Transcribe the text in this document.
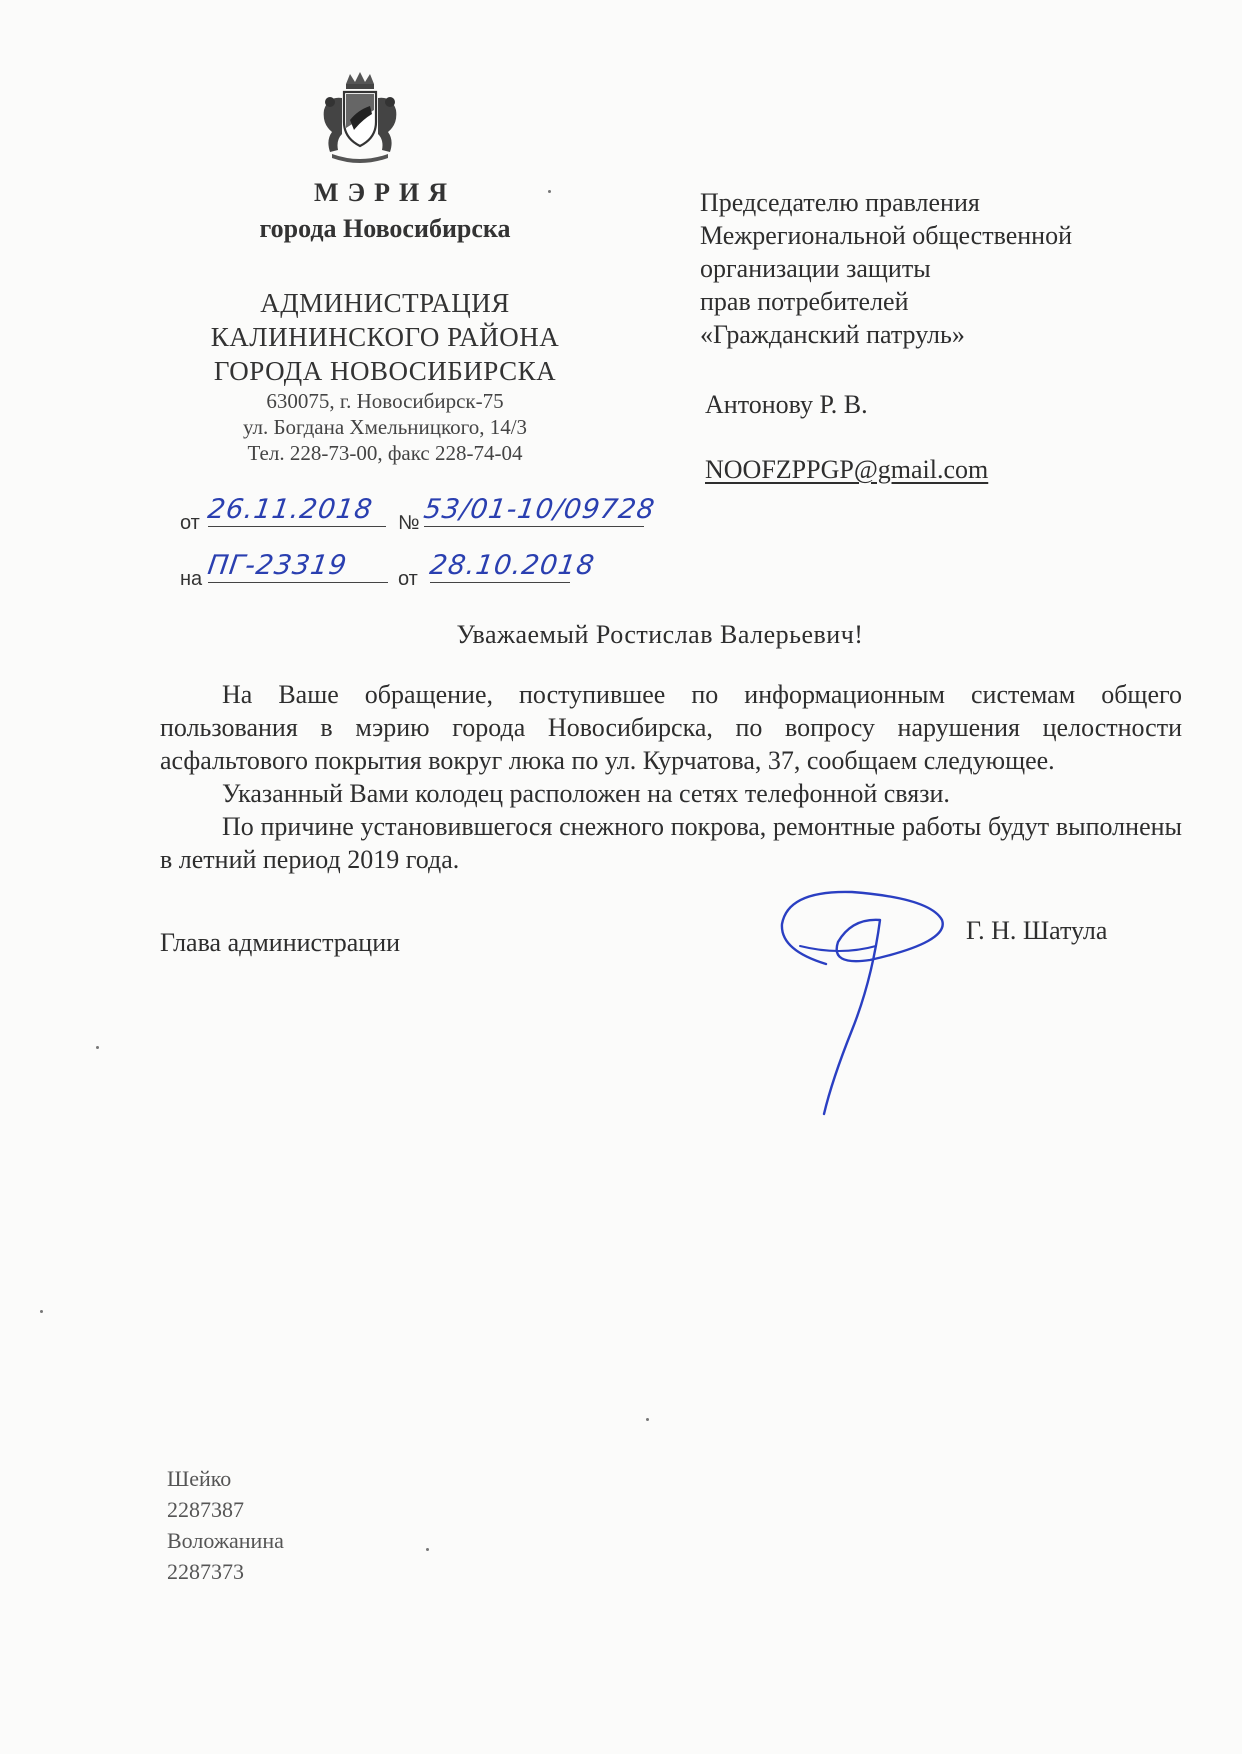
МЭРИЯ
города Новосибирска
АДМИНИСТРАЦИЯ
КАЛИНИНСКОГО РАЙОНА
ГОРОДА НОВОСИБИРСКА
630075, г. Новосибирск-75
ул. Богдана Хмельницкого, 14/3
Тел. 228-73-00, факс 228-74-04
от 26.11.2018	№ 53/01-10/09728
на ПГ-23319	от 28.10.2018
Председателю правления
Межрегиональной общественной
организации защиты
прав потребителей
«Гражданский патруль»
Антонову Р. В.
NOOFZPPGP@gmail.com
Уважаемый Ростислав Валерьевич!

На Ваше обращение, поступившее по информационным системам общего пользования в мэрию города Новосибирска, по вопросу нарушения целостности асфальтового покрытия вокруг люка по ул. Курчатова, 37, сообщаем следующее.

Указанный Вами колодец расположен на сетях телефонной связи.

По причине установившегося снежного покрова, ремонтные работы будут выполнены в летний период 2019 года.

Глава администрации	Г. Н. Шатула
Шейко
2287387
Воложанина
2287373
